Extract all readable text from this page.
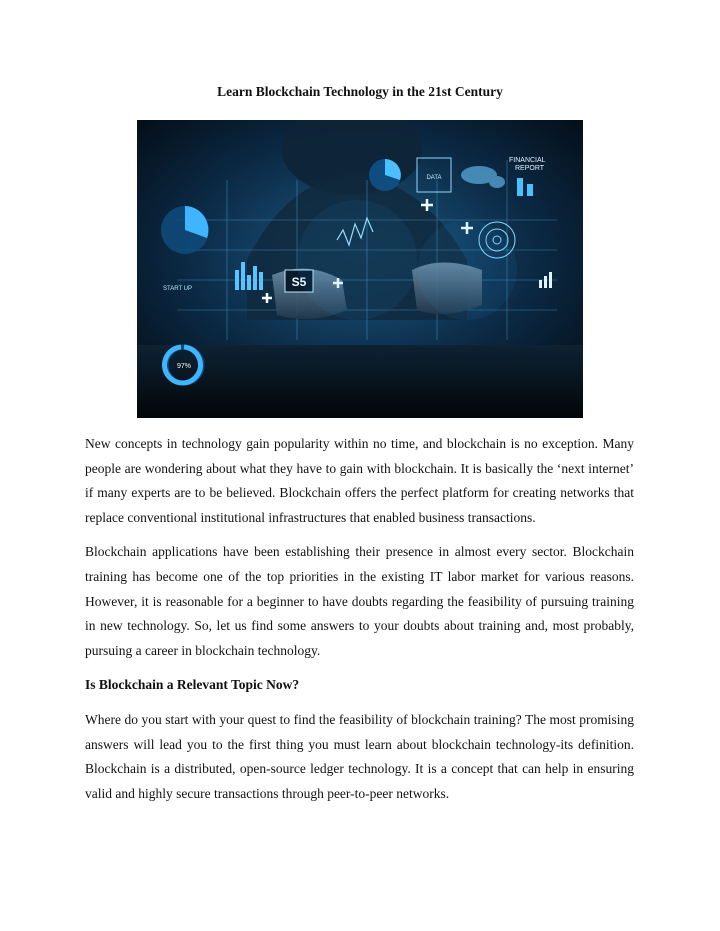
Learn Blockchain Technology in the 21st Century
DATA
FINANCIAL
REPORT
S5
START UP
97%

New concepts in technology gain popularity within no time, and blockchain is no exception. Many people are wondering about what they have to gain with blockchain. It is basically the ‘next internet’ if many experts are to be believed. Blockchain offers the perfect platform for creating networks that replace conventional institutional infrastructures that enabled business transactions.

Blockchain applications have been establishing their presence in almost every sector. Blockchain training has become one of the top priorities in the existing IT labor market for various reasons. However, it is reasonable for a beginner to have doubts regarding the feasibility of pursuing training in new technology. So, let us find some answers to your doubts about training and, most probably, pursuing a career in blockchain technology.

Is Blockchain a Relevant Topic Now?

Where do you start with your quest to find the feasibility of blockchain training? The most promising answers will lead you to the first thing you must learn about blockchain technology-its definition. Blockchain is a distributed, open-source ledger technology. It is a concept that can help in ensuring valid and highly secure transactions through peer-to-peer networks.
